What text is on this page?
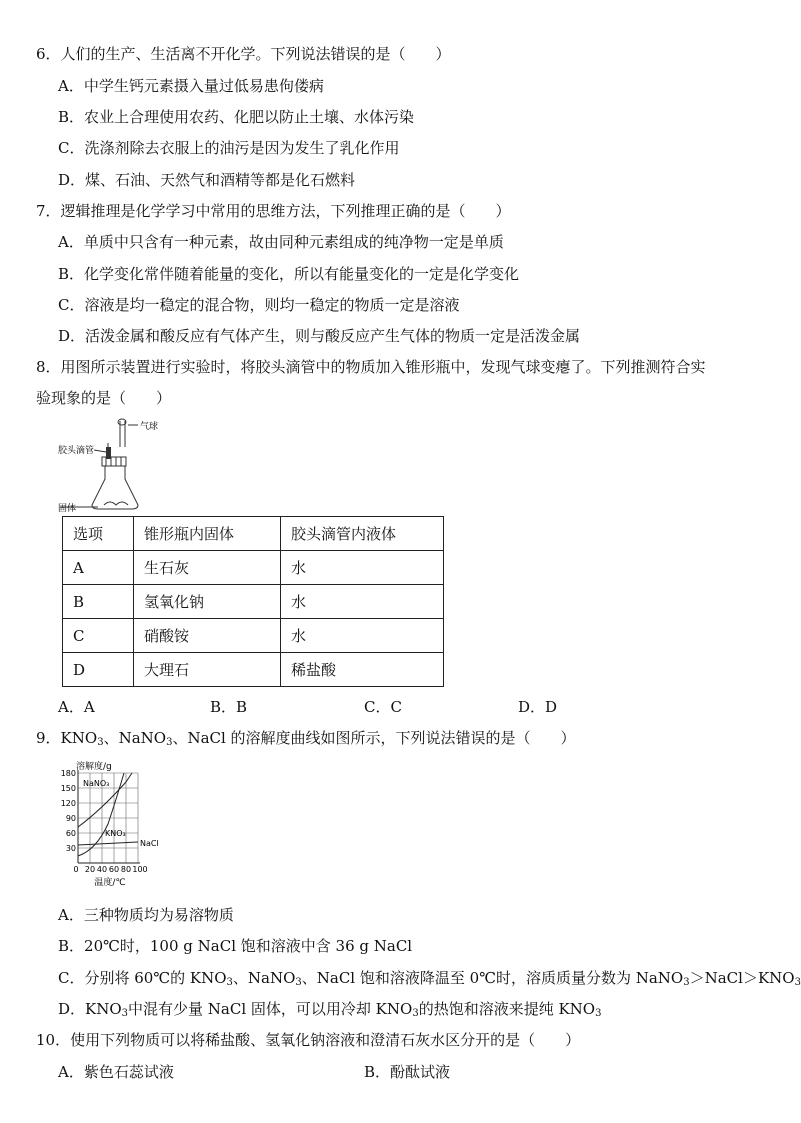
6．人们的生产、生活离不开化学。下列说法错误的是（　　）
A．中学生钙元素摄入量过低易患佝偻病
B．农业上合理使用农药、化肥以防止土壤、水体污染
C．洗涤剂除去衣服上的油污是因为发生了乳化作用
D．煤、石油、天然气和酒精等都是化石燃料
7．逻辑推理是化学学习中常用的思维方法，下列推理正确的是（　　）
A．单质中只含有一种元素，故由同种元素组成的纯净物一定是单质
B．化学变化常伴随着能量的变化，所以有能量变化的一定是化学变化
C．溶液是均一稳定的混合物，则均一稳定的物质一定是溶液
D．活泼金属和酸反应有气体产生，则与酸反应产生气体的物质一定是活泼金属
8．用图所示装置进行实验时，将胶头滴管中的物质加入锥形瓶中，发现气球变瘪了。下列推测符合实
验现象的是（　　）
气球
胶头滴管
固体
选项	锥形瓶内固体	胶头滴管内液体
A	生石灰	水
B	氢氧化钠	水
C	硝酸铵	水
D	大理石	稀盐酸
A．A	B．B	C．C	D．D
9．$KNO_3$、NaNO$_3$、NaCl 的溶解度曲线如图所示，下列说法错误的是（　　）
溶解度/g
180
150
120
90
60
30
0 20 40 60 80 100
温度/℃
NaNO₃
KNO₃
NaCl
A．三种物质均为易溶物质
B．20℃时，100 g NaCl 饱和溶液中含 36 g NaCl
C．分别将 60℃的 $KNO_3$、NaNO$_3$、NaCl 饱和溶液降温至 0℃时，溶质质量分数为 $NaNO_3>NaCl>KNO_3$
D．$KNO_3$中混有少量 NaCl 固体，可以用冷却 $KNO_3$的热饱和溶液来提纯 $KNO_3$
10．使用下列物质可以将稀盐酸、氢氧化钠溶液和澄清石灰水区分开的是（　　）
A．紫色石蕊试液	B．酚酞试液
